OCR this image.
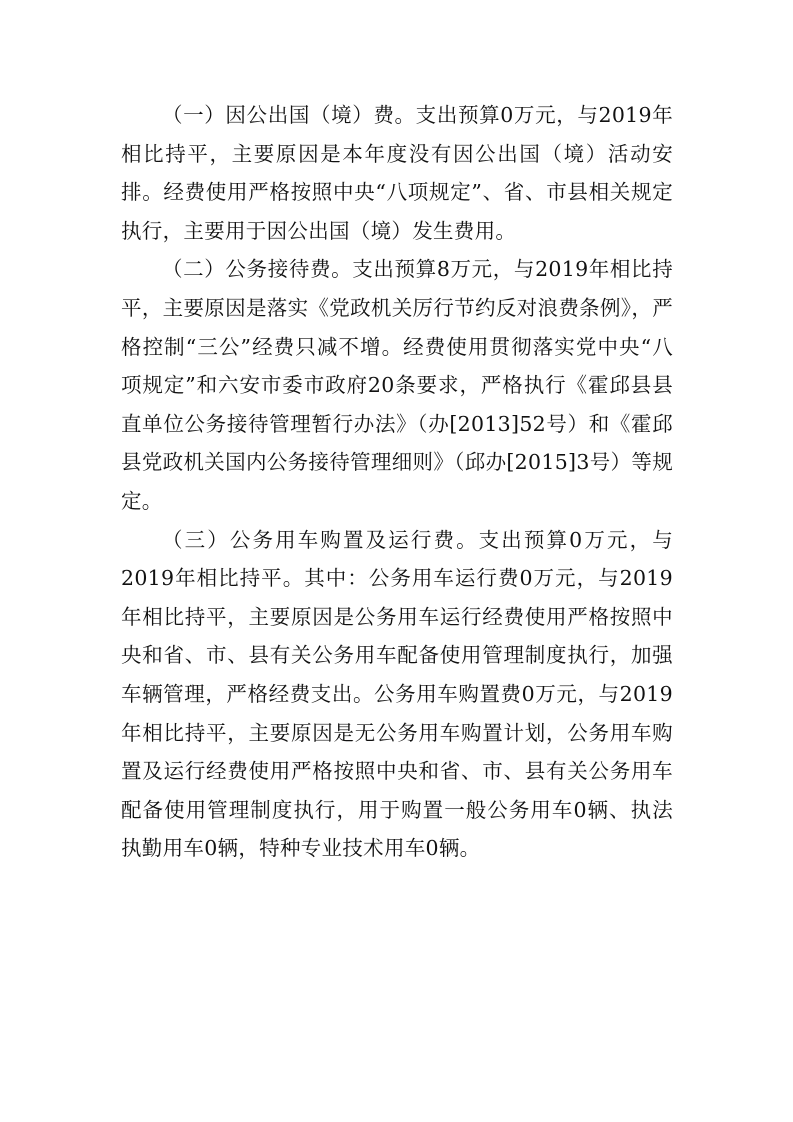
（一）因公出国（境）费。支出预算0万元，与2019年相比持平，主要原因是本年度没有因公出国（境）活动安排。经费使用严格按照中央“八项规定”、省、市县相关规定执行，主要用于因公出国（境）发生费用。

（二）公务接待费。支出预算8万元，与2019年相比持平，主要原因是落实《党政机关厉行节约反对浪费条例》，严格控制“三公”经费只减不增。经费使用贯彻落实党中央“八项规定”和六安市委市政府20条要求，严格执行《霍邱县县直单位公务接待管理暂行办法》（办[2013]52号）和《霍邱县党政机关国内公务接待管理细则》（邱办[2015]3号）等规定。

（三）公务用车购置及运行费。支出预算0万元，与2019年相比持平。其中：公务用车运行费0万元，与2019年相比持平，主要原因是公务用车运行经费使用严格按照中央和省、市、县有关公务用车配备使用管理制度执行，加强车辆管理，严格经费支出。公务用车购置费0万元，与2019年相比持平，主要原因是无公务用车购置计划，公务用车购置及运行经费使用严格按照中央和省、市、县有关公务用车配备使用管理制度执行，用于购置一般公务用车0辆、执法执勤用车0辆，特种专业技术用车0辆。
